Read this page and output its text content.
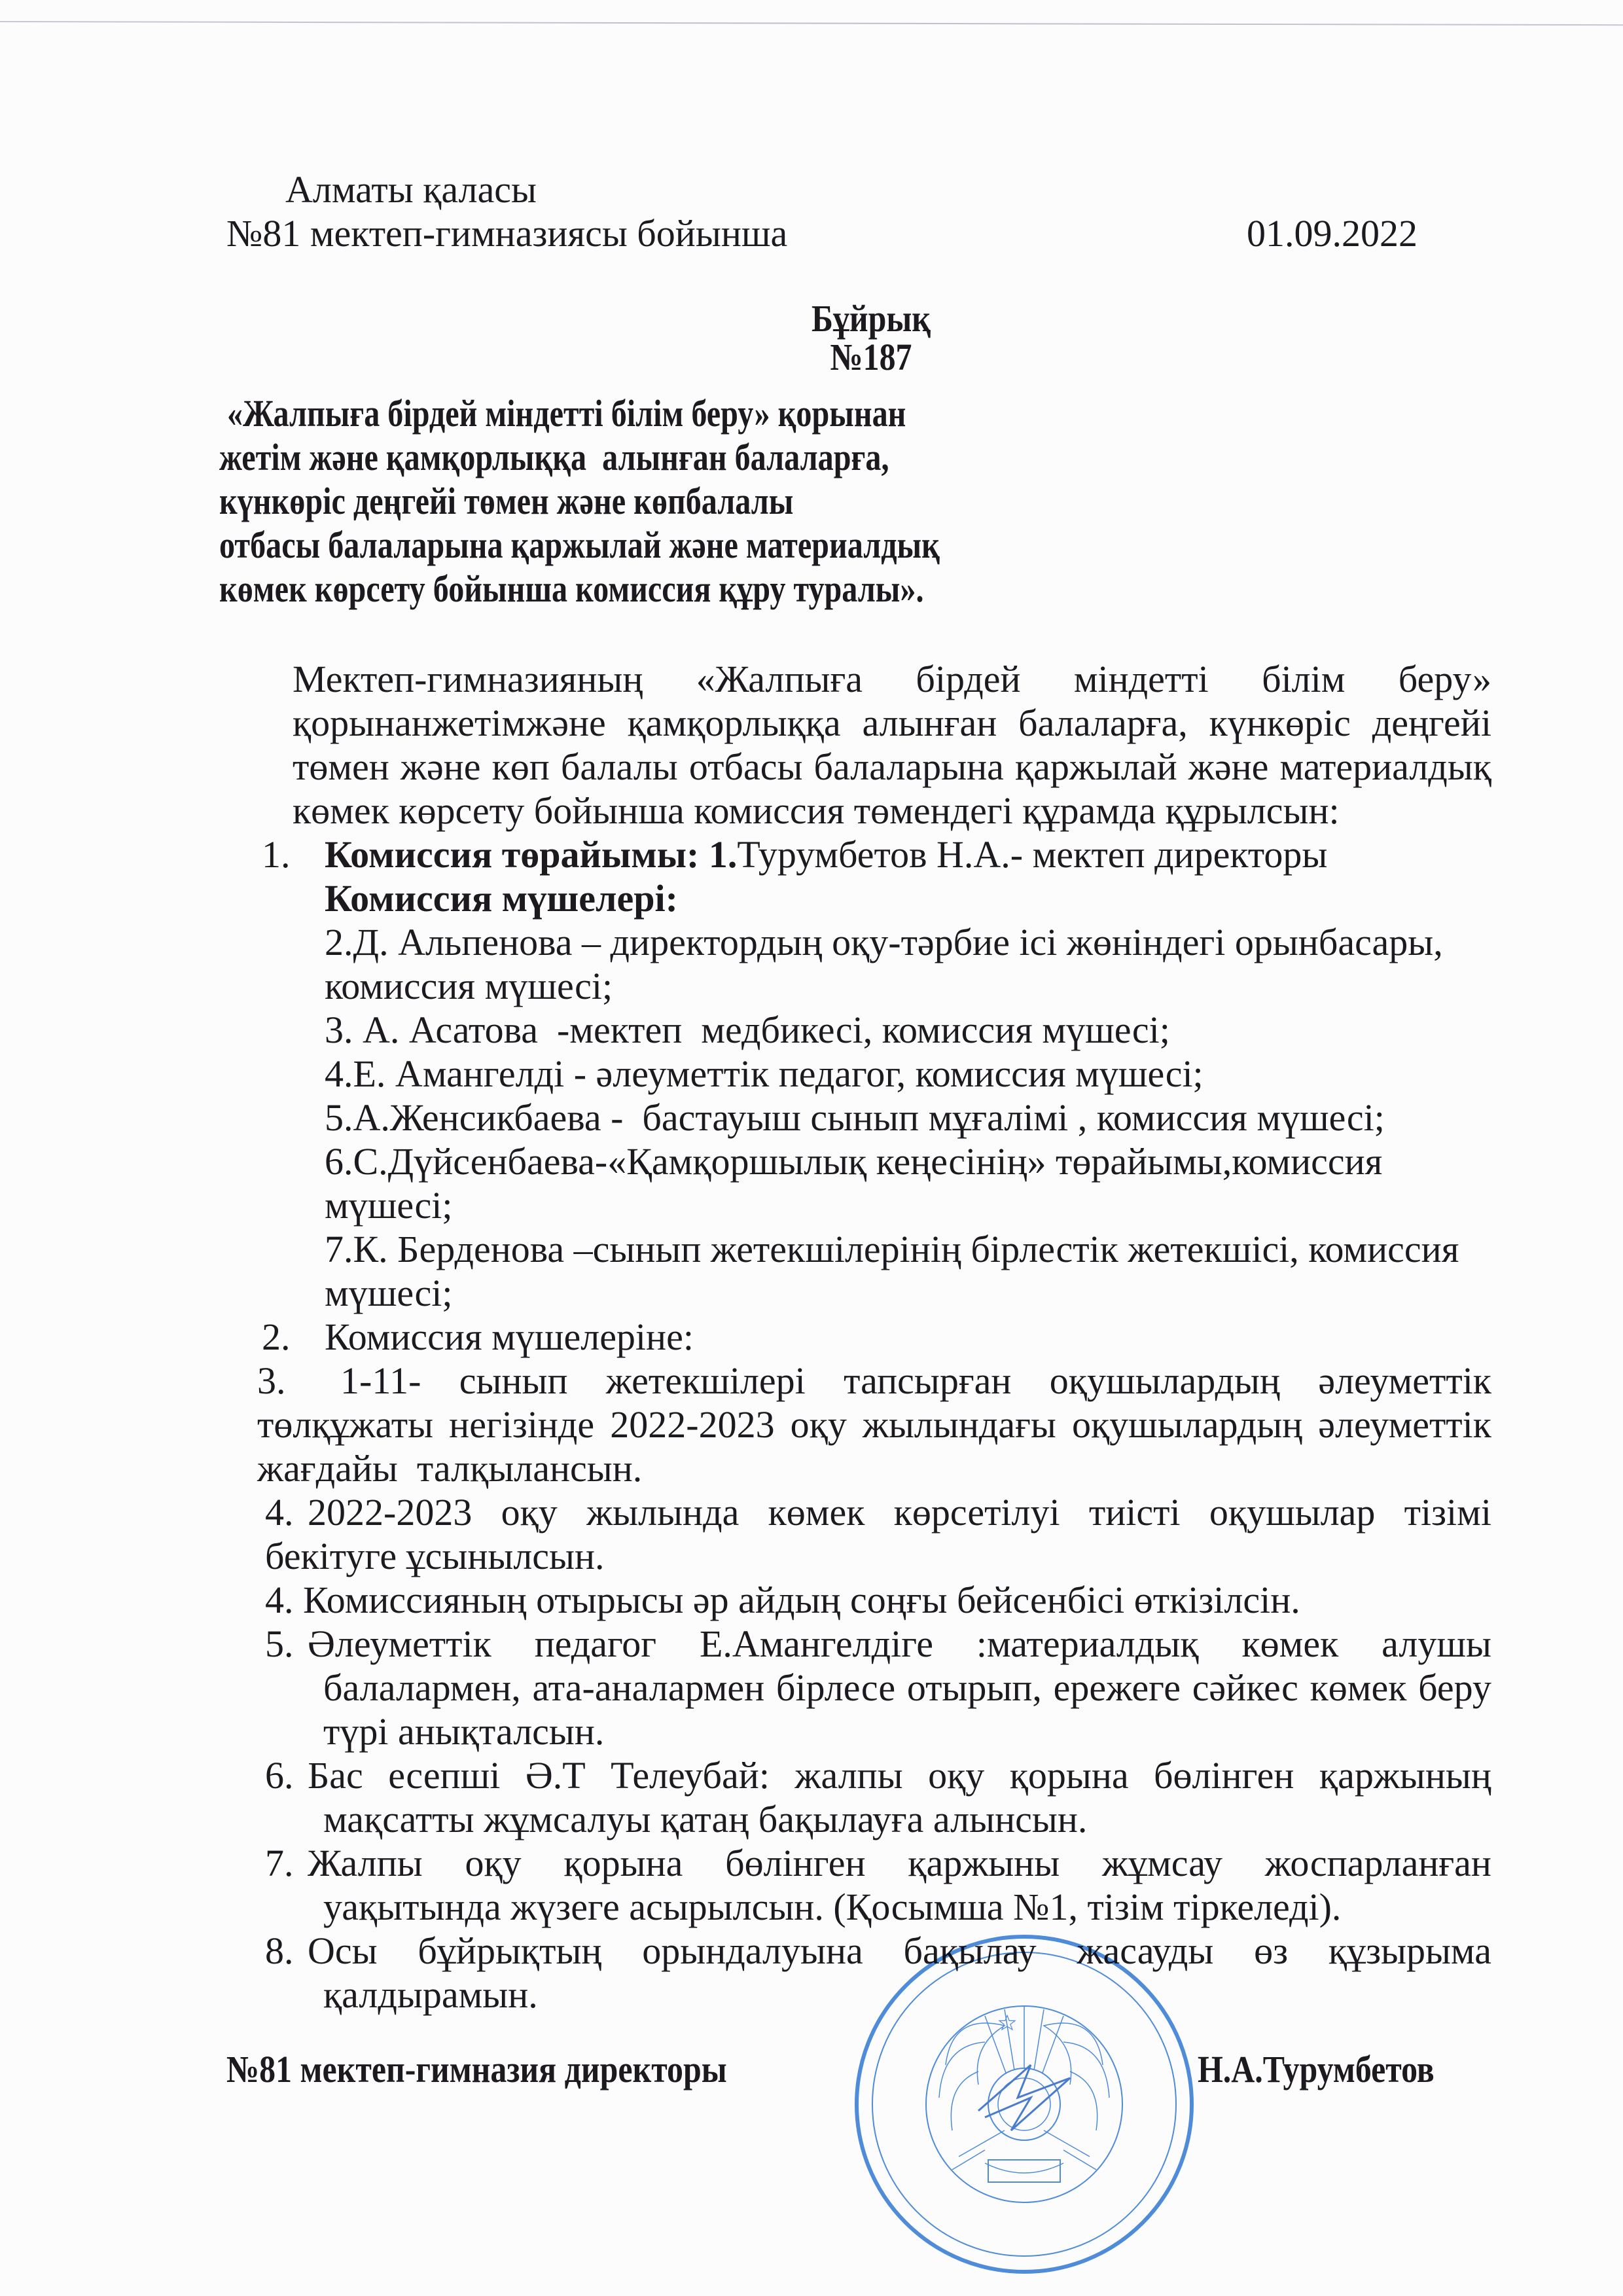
Алматы қаласы
№81 мектеп-гимназиясы бойынша	01.09.2022
Бұйрық
№187
«Жалпыға бірдей міндетті білім беру» қорынан
жетім және қамқорлыққа  алынған балаларға,
күнкөріс деңгейі төмен және көпбалалы
отбасы балаларына қаржылай және материалдық
көмек көрсету бойынша комиссия құру туралы».
Мектеп-гимназияның «Жалпыға бірдей міндетті білім беру»
қорынанжетімжәне қамқорлыққа алынған балаларға, күнкөріс деңгейі
төмен және көп балалы отбасы балаларына қаржылай және материалдық
көмек көрсету бойынша комиссия төмендегі құрамда құрылсын:
1. Комиссия төрайымы: 1.Турумбетов Н.А.- мектеп директоры
Комиссия мүшелері:
2.Д. Альпенова – директордың оқу-тәрбие ісі жөніндегі орынбасары,
комиссия мүшесі;
3. А. Асатова  -мектеп  медбикесі, комиссия мүшесі;
4.Е. Амангелді - әлеуметтік педагог, комиссия мүшесі;
5.А.Женсикбаева -  бастауыш сынып мұғалімі , комиссия мүшесі;
6.С.Дүйсенбаева-«Қамқоршылық кеңесінің» төрайымы,комиссия
мүшесі;
7.К. Берденова –сынып жетекшілерінің бірлестік жетекшісі, комиссия
мүшесі;
2. Комиссия мүшелеріне:
3. 1-11- сынып жетекшілері тапсырған оқушылардың әлеуметтік
төлқұжаты негізінде 2022-2023 оқу жылындағы оқушылардың әлеуметтік
жағдайы  талқылансын.
4. 2022-2023 оқу жылында көмек көрсетілуі тиісті оқушылар тізімі
бекітуге ұсынылсын.
4. Комиссияның отырысы әр айдың соңғы бейсенбісі өткізілсін.
5. Әлеуметтік педагог Е.Амангелдіге :материалдық көмек алушы
балалармен, ата-аналармен бірлесе отырып, ережеге сәйкес көмек беру
түрі анықталсын.
6. Бас есепші Ә.Т Телеубай: жалпы оқу қорына бөлінген қаржының
мақсатты жұмсалуы қатаң бақылауға алынсын.
7. Жалпы оқу қорына бөлінген қаржыны жұмсау жоспарланған
уақытында жүзеге асырылсын. (Қосымша №1, тізім тіркеледі).
8. Осы бұйрықтың орындалуына бақылау жасауды өз құзырыма
қалдырамын.
№81 мектеп-гимназия директоры	Н.А.Турумбетов
